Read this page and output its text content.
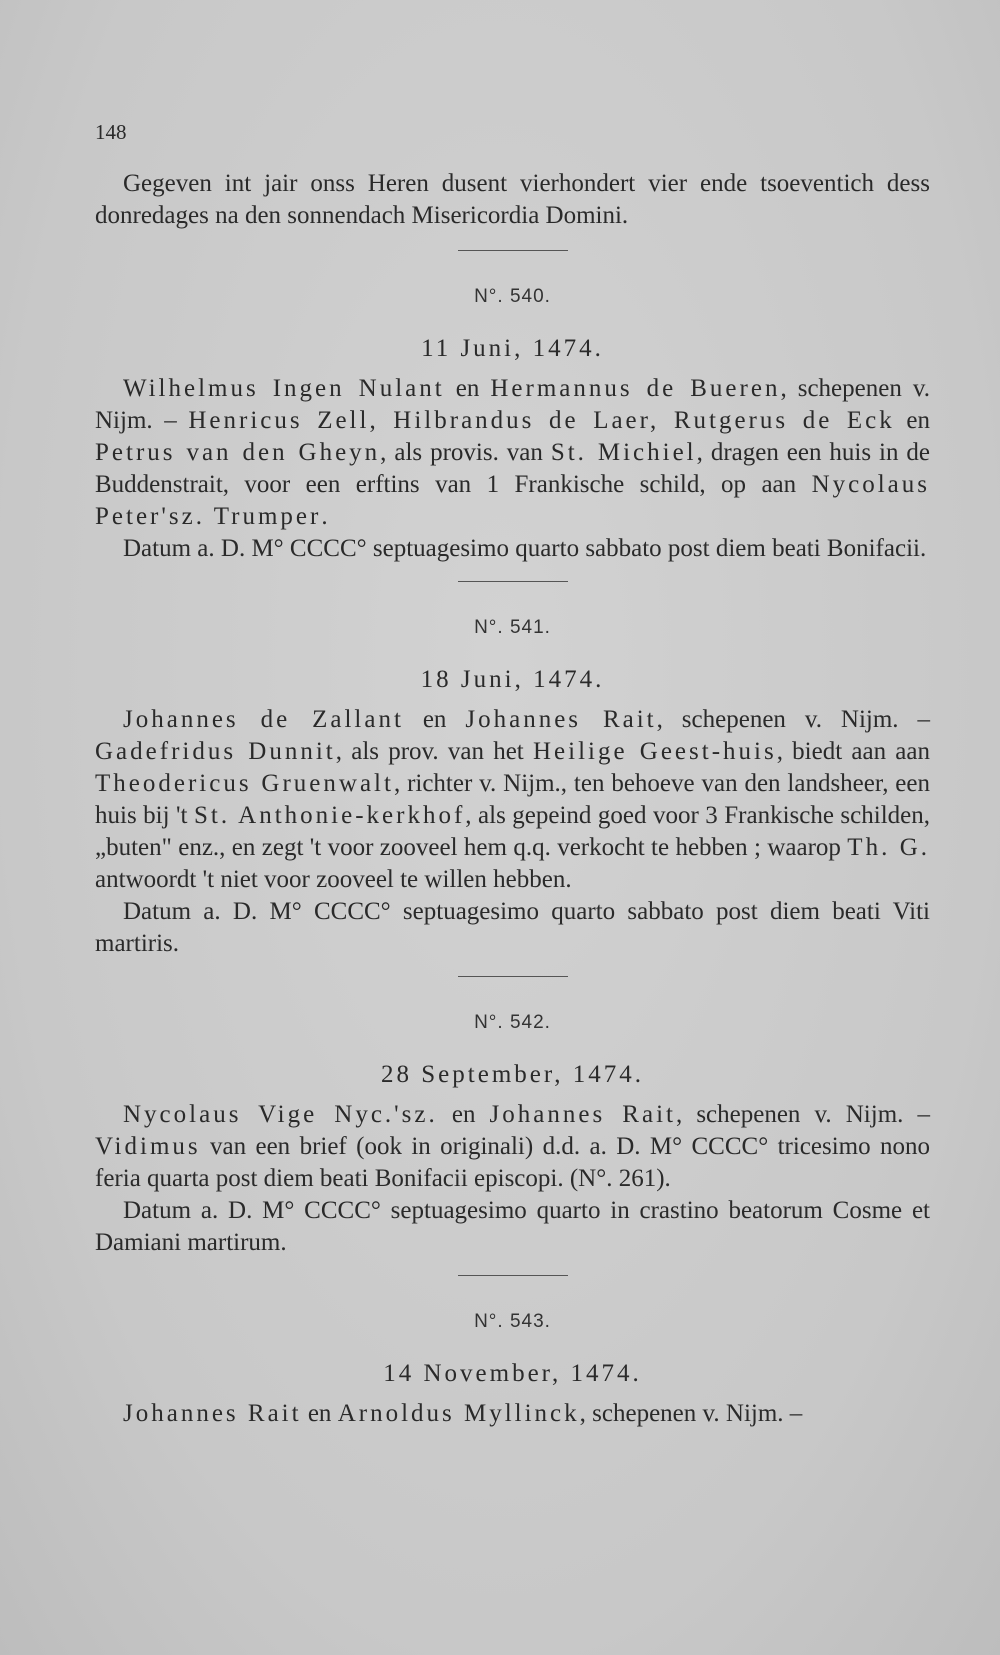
148

Gegeven int jair onss Heren dusent vierhondert vier ende tsoeventich dess donredages na den sonnendach Misericordia Domini.

N°. 540.
11 Juni, 1474.

Wilhelmus Ingen Nulant en Hermannus de Bueren, schepenen v. Nijm. – Henricus Zell, Hilbrandus de Laer, Rutgerus de Eck en Petrus van den Gheyn, als provis. van St. Michiel, dragen een huis in de Buddenstrait, voor een erftins van 1 Frankische schild, op aan Nycolaus Peter'sz. Trumper.

Datum a. D. M° CCCC° septuagesimo quarto sabbato post diem beati Bonifacii.

N°. 541.
18 Juni, 1474.

Johannes de Zallant en Johannes Rait, schepenen v. Nijm. – Gadefridus Dunnit, als prov. van het Heilige Geest-huis, biedt aan aan Theodericus Gruenwalt, richter v. Nijm., ten behoeve van den landsheer, een huis bij 't St. Anthonie-kerkhof, als gepeind goed voor 3 Frankische schilden, „buten" enz., en zegt 't voor zooveel hem q.q. verkocht te hebben ; waarop Th. G. antwoordt 't niet voor zooveel te willen hebben.

Datum a. D. M° CCCC° septuagesimo quarto sabbato post diem beati Viti martiris.

N°. 542.
28 September, 1474.

Nycolaus Vige Nyc.'sz. en Johannes Rait, schepenen v. Nijm. – Vidimus van een brief (ook in originali) d.d. a. D. M° CCCC° tricesimo nono feria quarta post diem beati Bonifacii episcopi. (N°. 261).

Datum a. D. M° CCCC° septuagesimo quarto in crastino beatorum Cosme et Damiani martirum.

N°. 543.
14 November, 1474.

Johannes Rait en Arnoldus Myllinck, schepenen v. Nijm. –
